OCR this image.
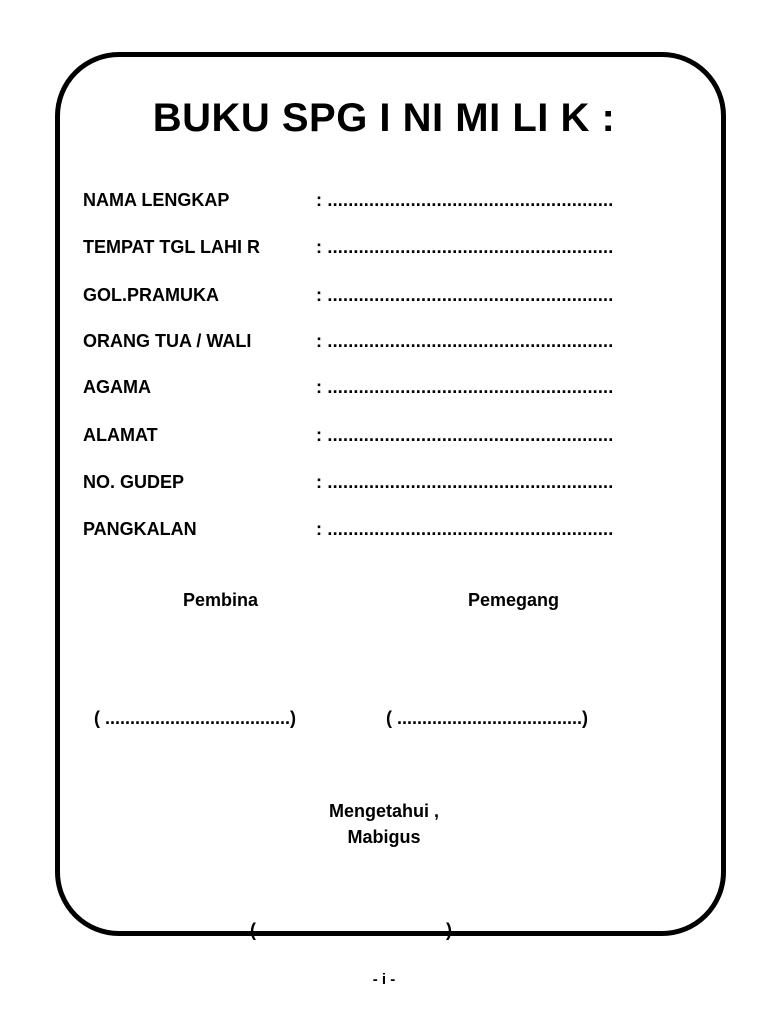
BUKU SPG I NI MI LI K :
NAMA LENGKAP	: .......................................................
TEMPAT TGL LAHI R	: .......................................................
GOL.PRAMUKA	: .......................................................
ORANG TUA / WALI	: .......................................................
AGAMA	: .......................................................
ALAMAT	: .......................................................
NO. GUDEP	: .......................................................
PANGKALAN	: .......................................................
Pembina	Pemegang
( .....................................)	( .....................................)
Mengetahui ,
Mabigus
( .....................................)
- i -
